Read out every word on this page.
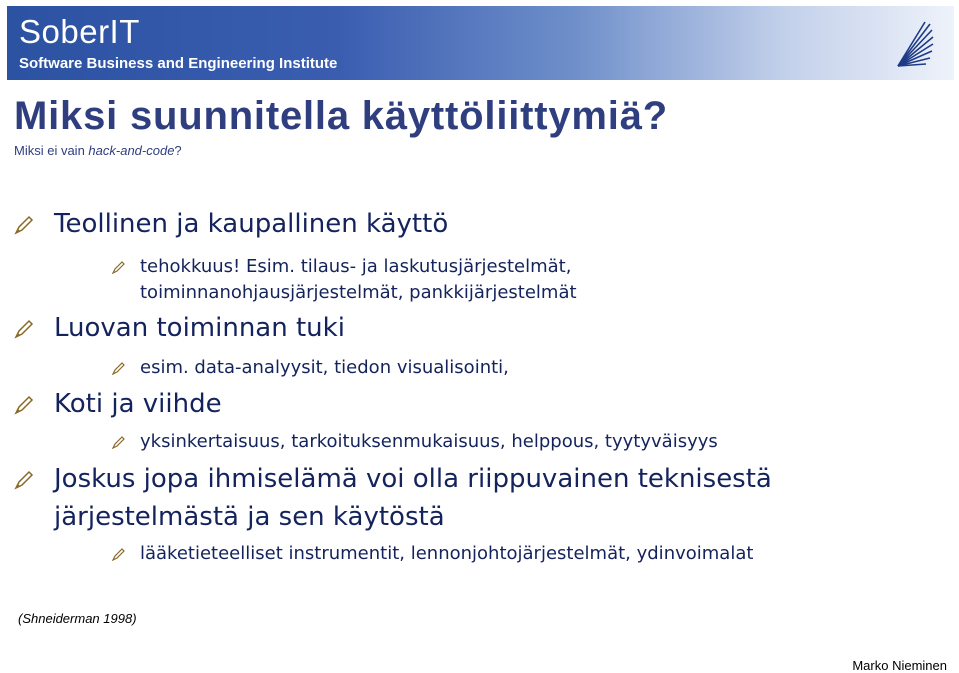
SoberIT
Software Business and Engineering Institute
Miksi suunnitella käyttöliittymiä?
Miksi ei vain hack-and-code?
Teollinen ja kaupallinen käyttö
tehokkuus! Esim. tilaus- ja laskutusjärjestelmät,
toiminnanohjausjärjestelmät, pankkijärjestelmät
Luovan toiminnan tuki
esim. data-analyysit, tiedon visualisointi,
Koti ja viihde
yksinkertaisuus, tarkoituksenmukaisuus, helppous, tyytyväisyys
Joskus jopa ihmiselämä voi olla riippuvainen teknisestä
järjestelmästä ja sen käytöstä
lääketieteelliset instrumentit, lennonjohtojärjestelmät, ydinvoimalat
(Shneiderman 1998)
Marko Nieminen
